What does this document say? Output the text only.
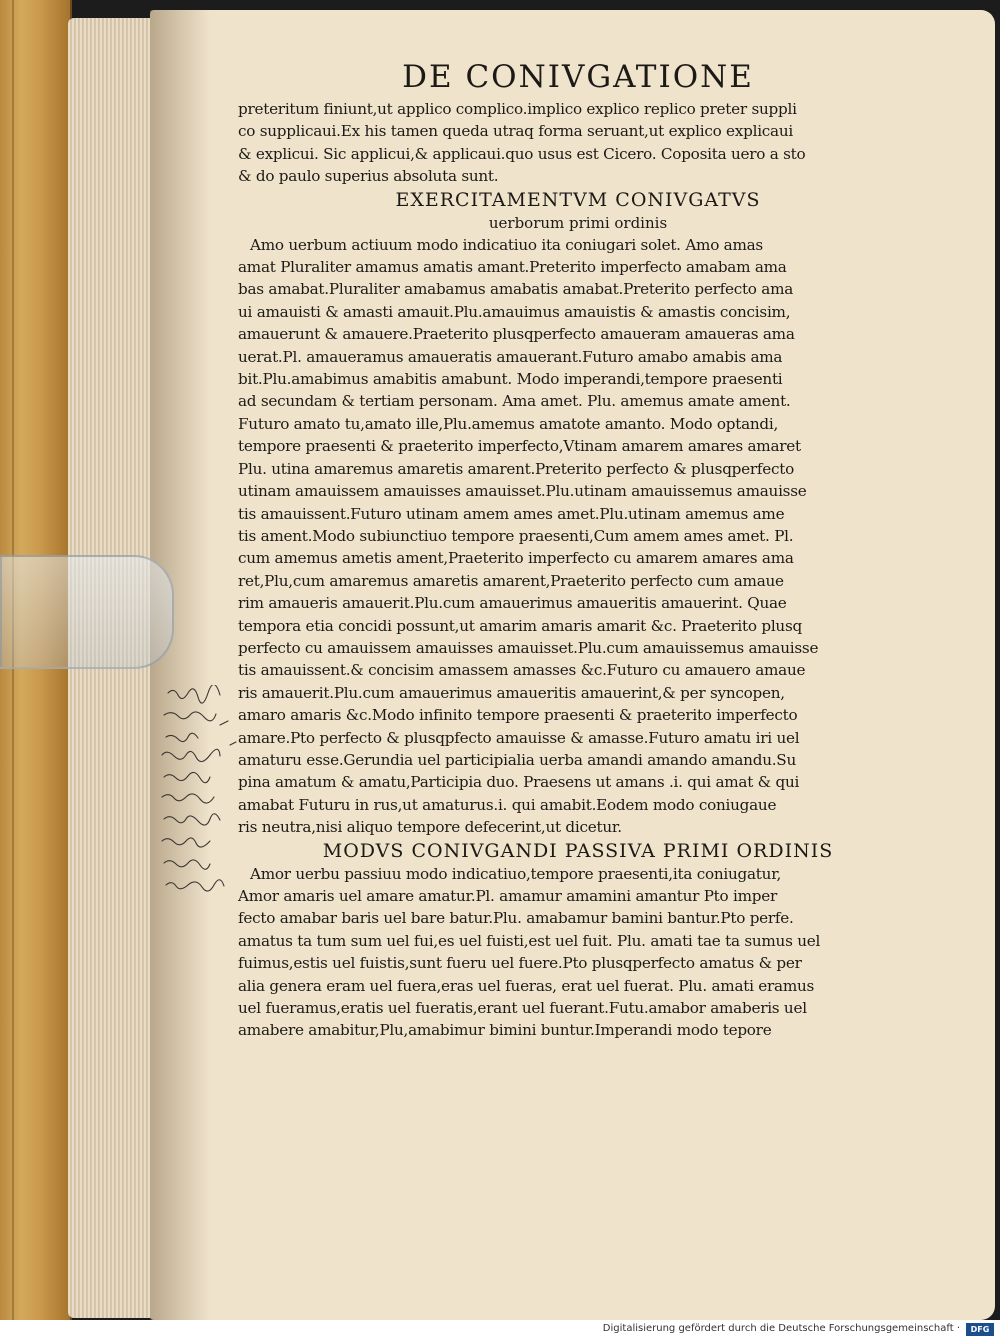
DE CONIVGATIONE
preteritum finiunt,ut applico complico.implico explico replico preter suppli
co supplicaui.Ex his tamen queda utraq forma seruant,ut explico explicaui
& explicui. Sic applicui,& applicaui.quo usus est Cicero. Coposita uero a sto
& do paulo superius absoluta sunt.
EXERCITAMENTVM CONIVGATVS
uerborum primi ordinis
Amo uerbum actiuum modo indicatiuo ita coniugari solet. Amo amas
amat Pluraliter amamus amatis amant.Preterito imperfecto amabam ama
bas amabat.Pluraliter amabamus amabatis amabat.Preterito perfecto ama
ui amauisti & amasti amauit.Plu.amauimus amauistis & amastis concisim,
amauerunt & amauere.Praeterito plusqperfecto amaueram amaueras ama
uerat.Pl. amaueramus amaueratis amauerant.Futuro amabo amabis ama
bit.Plu.amabimus amabitis amabunt. Modo imperandi,tempore praesenti
ad secundam & tertiam personam. Ama amet. Plu. amemus amate ament.
Futuro amato tu,amato ille,Plu.amemus amatote amanto. Modo optandi,
tempore praesenti & praeterito imperfecto,Vtinam amarem amares amaret
Plu. utina amaremus amaretis amarent.Preterito perfecto & plusqperfecto
utinam amauissem amauisses amauisset.Plu.utinam amauissemus amauisse
tis amauissent.Futuro utinam amem ames amet.Plu.utinam amemus ame
tis ament.Modo subiunctiuo tempore praesenti,Cum amem ames amet. Pl.
cum amemus ametis ament,Praeterito imperfecto cu amarem amares ama
ret,Plu,cum amaremus amaretis amarent,Praeterito perfecto cum amaue
rim amaueris amauerit.Plu.cum amauerimus amaueritis amauerint. Quae
tempora etia concidi possunt,ut amarim amaris amarit &c. Praeterito plusq
perfecto cu amauissem amauisses amauisset.Plu.cum amauissemus amauisse
tis amauissent.& concisim amassem amasses &c.Futuro cu amauero amaue
ris amauerit.Plu.cum amauerimus amaueritis amauerint,& per syncopen,
amaro amaris &c.Modo infinito tempore praesenti & praeterito imperfecto
amare.Pto perfecto & plusqpfecto amauisse & amasse.Futuro amatu iri uel
amaturu esse.Gerundia uel participialia uerba amandi amando amandu.Su
pina amatum & amatu,Participia duo. Praesens ut amans .i. qui amat & qui
amabat Futuru in rus,ut amaturus.i. qui amabit.Eodem modo coniugaue
ris neutra,nisi aliquo tempore defecerint,ut dicetur.
MODVS CONIVGANDI PASSIVA PRIMI ORDINIS
Amor uerbu passiuu modo indicatiuo,tempore praesenti,ita coniugatur,
Amor amaris uel amare amatur.Pl. amamur amamini amantur Pto imper
fecto amabar baris uel bare batur.Plu. amabamur bamini bantur.Pto perfe.
amatus ta tum sum uel fui,es uel fuisti,est uel fuit. Plu. amati tae ta sumus uel
fuimus,estis uel fuistis,sunt fueru uel fuere.Pto plusqperfecto amatus & per
alia genera eram uel fuera,eras uel fueras, erat uel fuerat. Plu. amati eramus
uel fueramus,eratis uel fueratis,erant uel fuerant.Futu.amabor amaberis uel
amabere amabitur,Plu,amabimur bimini buntur.Imperandi modo tepore
Digitalisierung gefördert durch die Deutsche Forschungsgemeinschaft ·	DFG
